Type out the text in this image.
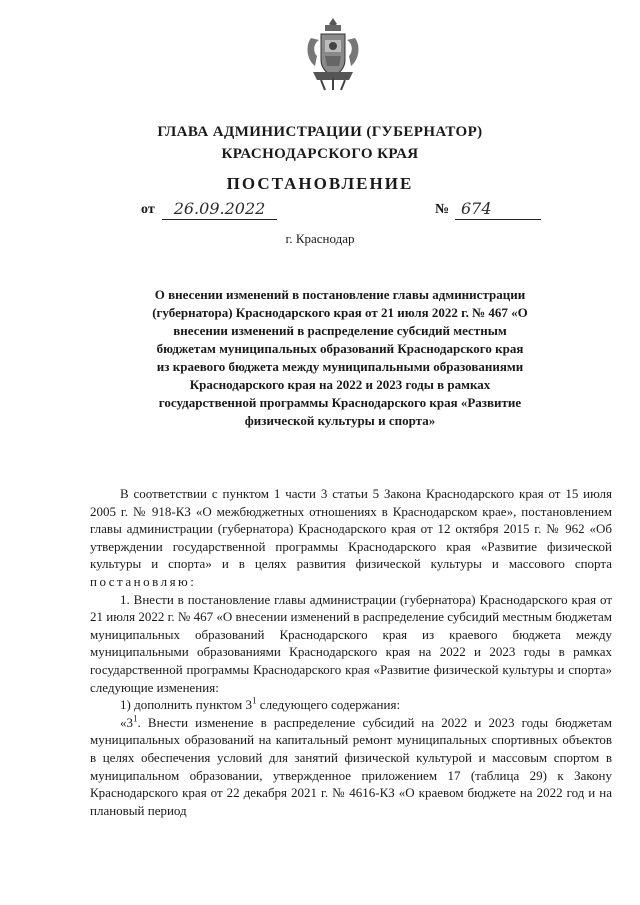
ГЛАВА АДМИНИСТРАЦИИ (ГУБЕРНАТОР)
КРАСНОДАРСКОГО КРАЯ
ПОСТАНОВЛЕНИЕ
от	26.09.2022	№ 674
г. Краснодар
О внесении изменений в постановление главы администрации (губернатора) Краснодарского края от 21 июля 2022 г. № 467 «О внесении изменений в распределение субсидий местным бюджетам муниципальных образований Краснодарского края из краевого бюджета между муниципальными образованиями Краснодарского края на 2022 и 2023 годы в рамках государственной программы Краснодарского края «Развитие физической культуры и спорта»

В соответствии с пунктом 1 части 3 статьи 5 Закона Краснодарского края от 15 июля 2005 г. № 918-КЗ «О межбюджетных отношениях в Краснодарском крае», постановлением главы администрации (губернатора) Краснодарского края от 12 октября 2015 г. № 962 «Об утверждении государственной программы Краснодарского края «Развитие физической культуры и спорта» и в целях развития физической культуры и массового спорта постановляю:

1. Внести в постановление главы администрации (губернатора) Краснодарского края от 21 июля 2022 г. № 467 «О внесении изменений в распределение субсидий местным бюджетам муниципальных образований Краснодарского края из краевого бюджета между муниципальными образованиями Краснодарского края на 2022 и 2023 годы в рамках государственной программы Краснодарского края «Развитие физической культуры и спорта» следующие изменения:

1) дополнить пунктом $3^1$ следующего содержания:

«$3^1$. Внести изменение в распределение субсидий на 2022 и 2023 годы бюджетам муниципальных образований на капитальный ремонт муниципальных спортивных объектов в целях обеспечения условий для занятий физической культурой и массовым спортом в муниципальном образовании, утвержденное приложением 17 (таблица 29) к Закону Краснодарского края от 22 декабря 2021 г. № 4616-КЗ «О краевом бюджете на 2022 год и на плановый период
